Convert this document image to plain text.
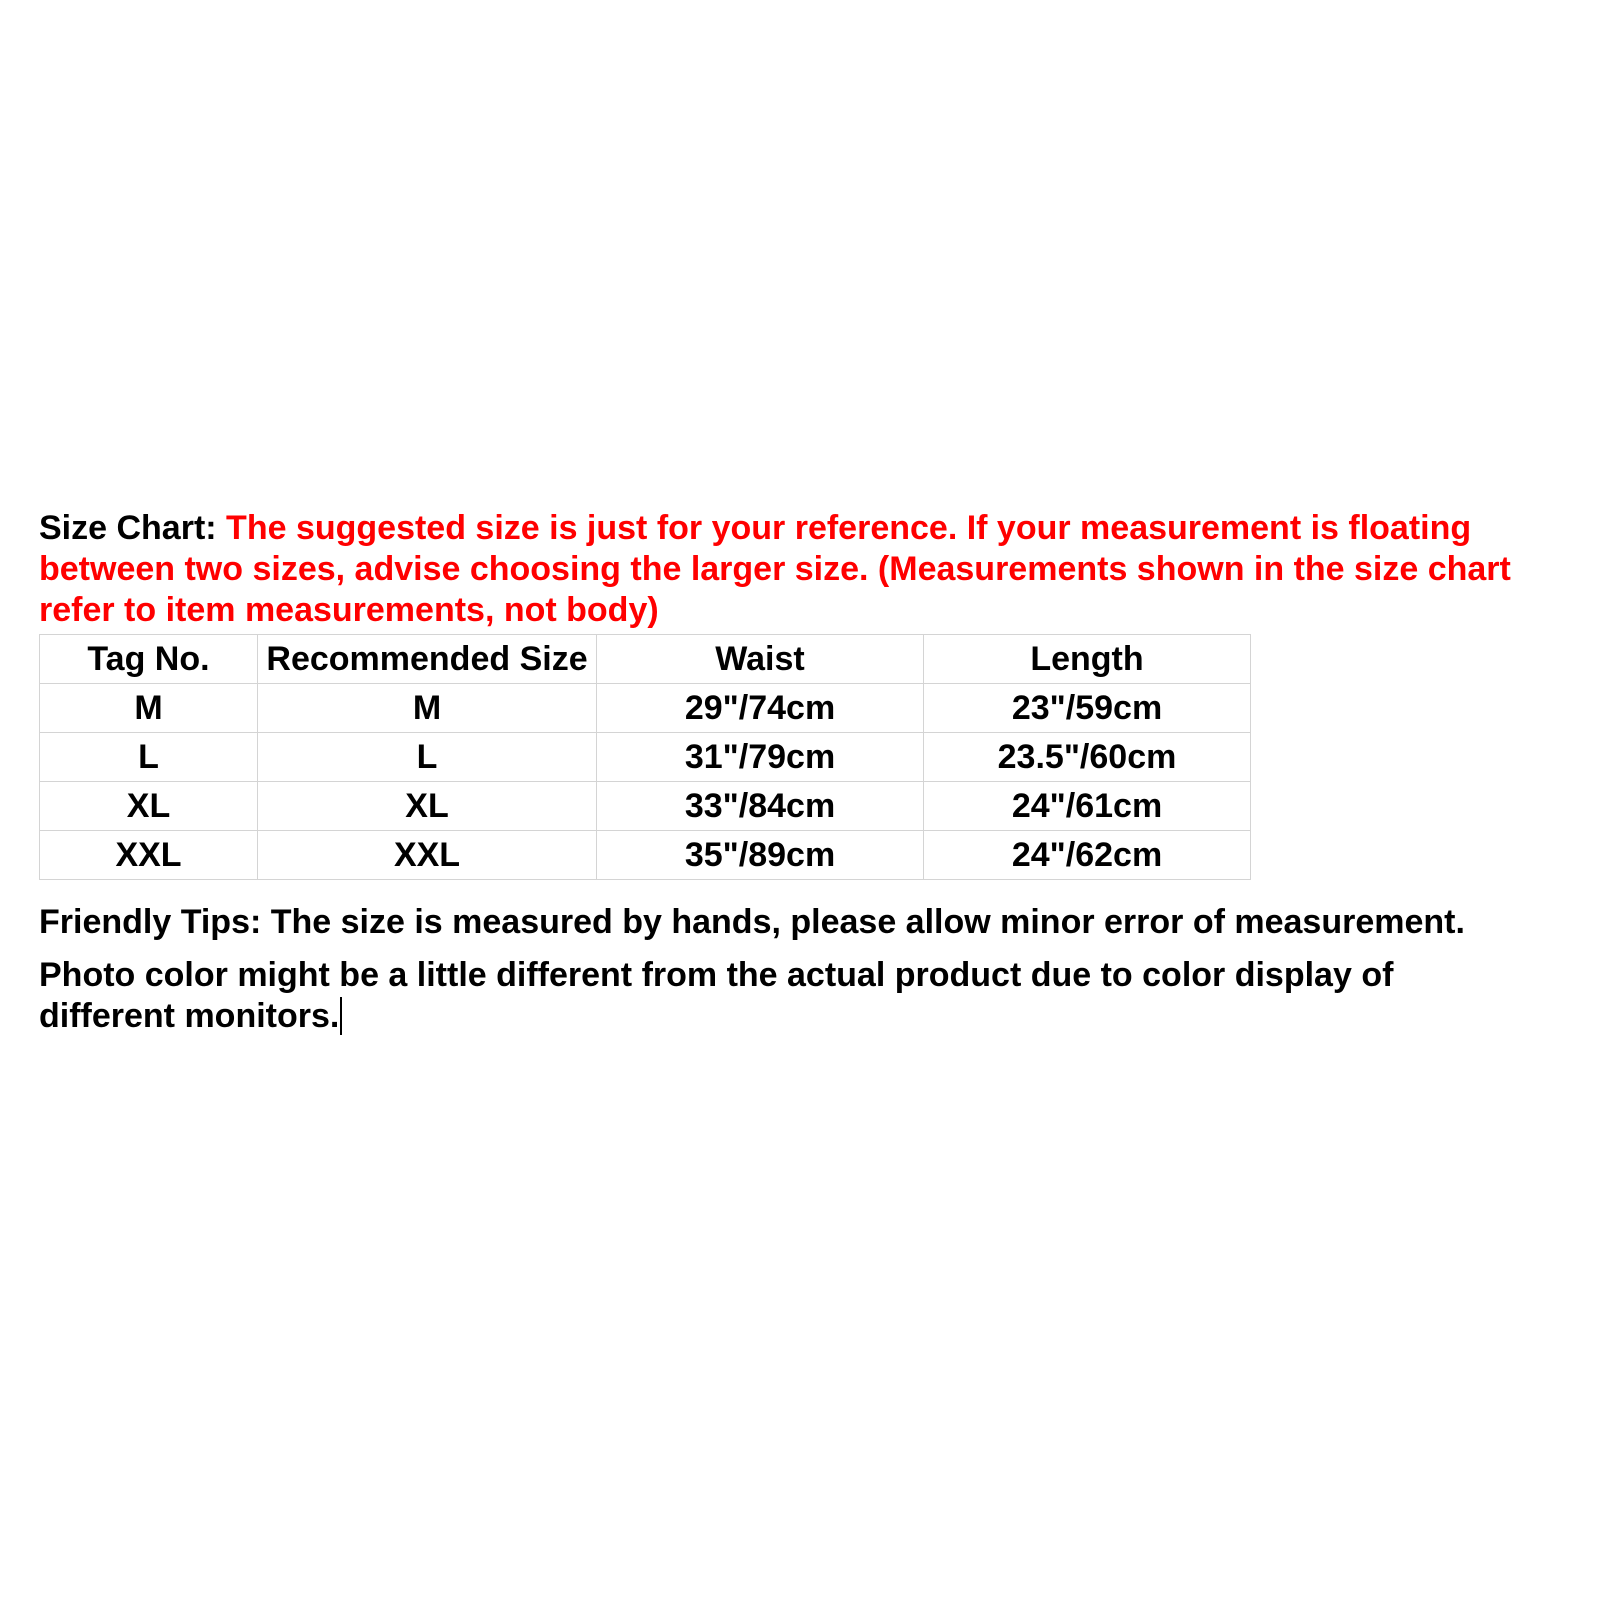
Size Chart: The suggested size is just for your reference. If your measurement is floating between two sizes, advise choosing the larger size. (Measurements shown in the size chart refer to item measurements, not body)

Tag No.	Recommended Size	Waist	Length
M	M	29"/74cm	23"/59cm
L	L	31"/79cm	23.5"/60cm
XL	XL	33"/84cm	24"/61cm
XXL	XXL	35"/89cm	24"/62cm

Friendly Tips: The size is measured by hands, please allow minor error of measurement.

Photo color might be a little different from the actual product due to color display of different monitors.
